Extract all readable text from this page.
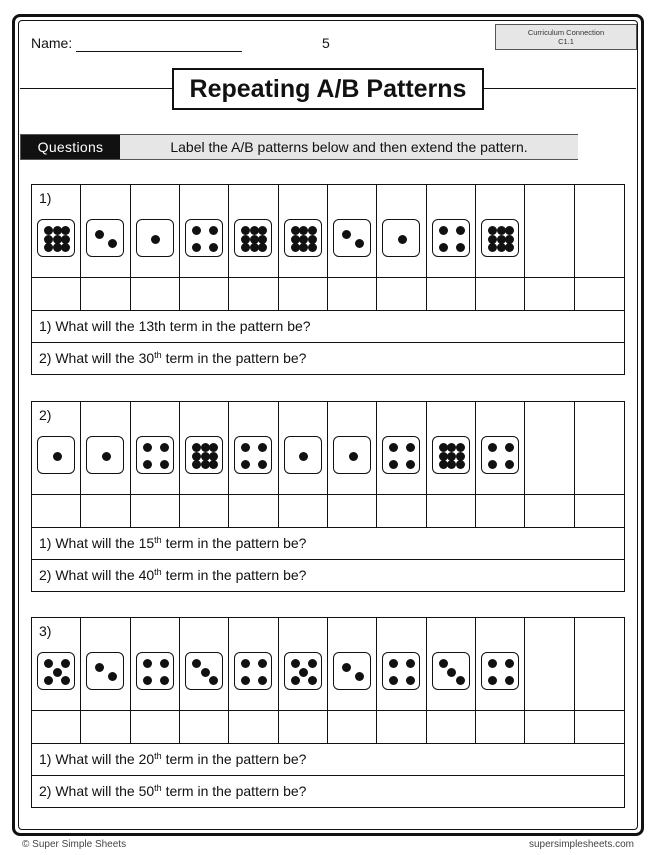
Name:	5
Curriculum Connection
C1.1
Repeating A/B Patterns
Questions	Label the A/B patterns below and then extend the pattern.
1)
1) What will the 13th term in the pattern be?
2) What will the 30th term in the pattern be?
2)
1) What will the 15th term in the pattern be?
2) What will the 40th term in the pattern be?
3)
1) What will the 20th term in the pattern be?
2) What will the 50th term in the pattern be?
© Super Simple Sheets	supersimplesheets.com
